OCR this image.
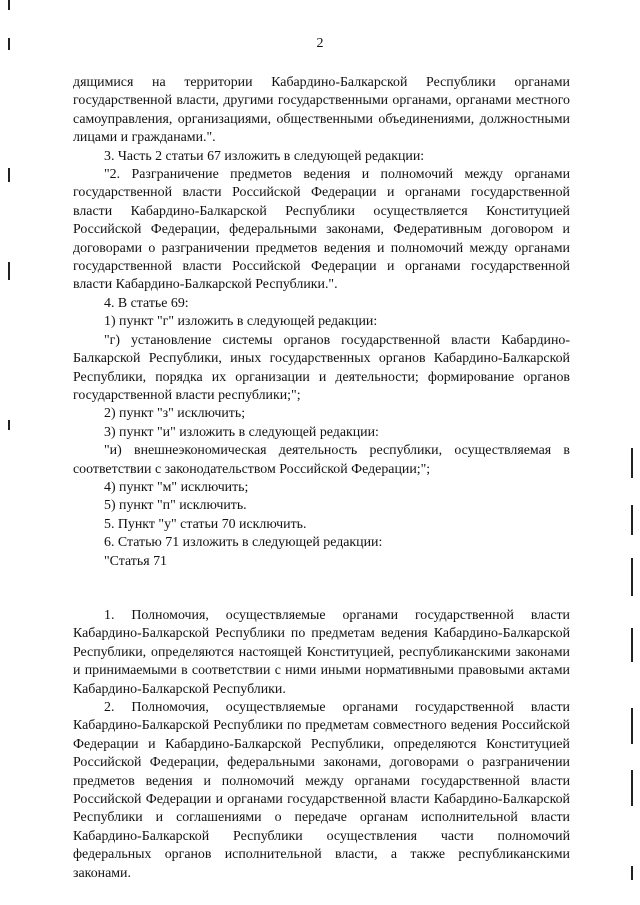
2

дящимися на территории Кабардино-Балкарской Республики органами государственной власти, другими государственными органами, органами местного самоуправления, организациями, общественными объединениями, должностными лицами и гражданами.".

3. Часть 2 статьи 67 изложить в следующей редакции:

"2. Разграничение предметов ведения и полномочий между органами государственной власти Российской Федерации и органами государственной власти Кабардино-Балкарской Республики осуществляется Конституцией Российской Федерации, федеральными законами, Федеративным договором и договорами о разграничении предметов ведения и полномочий между органами государственной власти Российской Федерации и органами государственной власти Кабардино-Балкарской Республики.".

4. В статье 69:

1) пункт "г" изложить в следующей редакции:

"г) установление системы органов государственной власти Кабардино-Балкарской Республики, иных государственных органов Кабардино-Балкарской Республики, порядка их организации и деятельности; формирование органов государственной власти республики;";

2) пункт "з" исключить;

3) пункт "и" изложить в следующей редакции:

"и) внешнеэкономическая деятельность республики, осуществляемая в соответствии с законодательством Российской Федерации;";

4) пункт "м" исключить;

5) пункт "п" исключить.

5. Пункт "у" статьи 70 исключить.

6. Статью 71 изложить в следующей редакции:

"Статья 71

1. Полномочия, осуществляемые органами государственной власти Кабардино-Балкарской Республики по предметам ведения Кабардино-Балкарской Республики, определяются настоящей Конституцией, республиканскими законами и принимаемыми в соответствии с ними иными нормативными правовыми актами Кабардино-Балкарской Республики.

2. Полномочия, осуществляемые органами государственной власти Кабардино-Балкарской Республики по предметам совместного ведения Российской Федерации и Кабардино-Балкарской Республики, определяются Конституцией Российской Федерации, федеральными законами, договорами о разграничении предметов ведения и полномочий между органами государственной власти Российской Федерации и органами государственной власти Кабардино-Балкарской Республики и соглашениями о передаче органам исполнительной власти Кабардино-Балкарской Республики осуществления части полномочий федеральных органов исполнительной власти, а также республиканскими законами.
